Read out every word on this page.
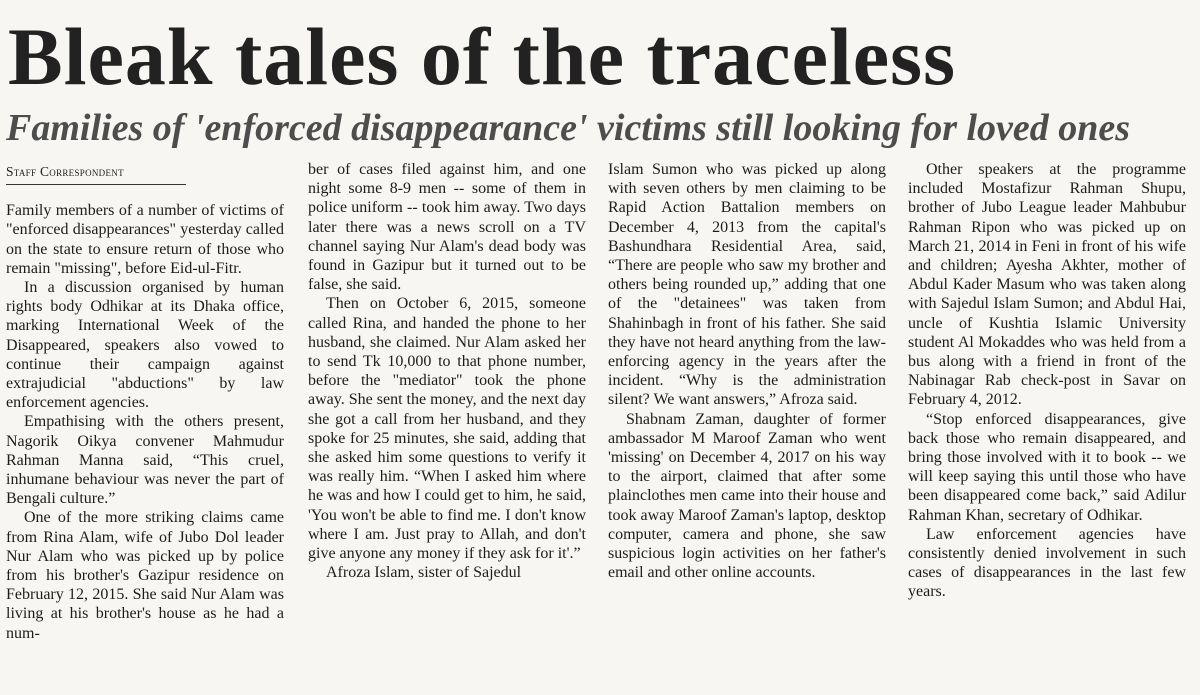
Bleak tales of the traceless
Families of 'enforced disappearance' victims still looking for loved ones
Staff Correspondent

Family members of a number of victims of "enforced disappearances" yesterday called on the state to ensure return of those who remain "missing", before Eid-ul-Fitr.

In a discussion organised by human rights body Odhikar at its Dhaka office, marking International Week of the Disappeared, speakers also vowed to continue their campaign against extrajudicial "abductions" by law enforcement agencies.

Empathising with the others present, Nagorik Oikya convener Mahmudur Rahman Manna said, “This cruel, inhumane behaviour was never the part of Bengali culture.”

One of the more striking claims came from Rina Alam, wife of Jubo Dol leader Nur Alam who was picked up by police from his brother's Gazipur residence on February 12, 2015. She said Nur Alam was living at his brother's house as he had a num-

ber of cases filed against him, and one night some 8-9 men -- some of them in police uniform -- took him away. Two days later there was a news scroll on a TV channel saying Nur Alam's dead body was found in Gazipur but it turned out to be false, she said.

Then on October 6, 2015, someone called Rina, and handed the phone to her husband, she claimed. Nur Alam asked her to send Tk 10,000 to that phone number, before the "mediator" took the phone away. She sent the money, and the next day she got a call from her husband, and they spoke for 25 minutes, she said, adding that she asked him some questions to verify it was really him. “When I asked him where he was and how I could get to him, he said, 'You won't be able to find me. I don't know where I am. Just pray to Allah, and don't give anyone any money if they ask for it'.”

Afroza Islam, sister of Sajedul

Islam Sumon who was picked up along with seven others by men claiming to be Rapid Action Battalion members on December 4, 2013 from the capital's Bashundhara Residential Area, said, “There are people who saw my brother and others being rounded up,” adding that one of the "detainees" was taken from Shahinbagh in front of his father. She said they have not heard anything from the law-enforcing agency in the years after the incident. “Why is the administration silent? We want answers,” Afroza said.

Shabnam Zaman, daughter of former ambassador M Maroof Zaman who went 'missing' on December 4, 2017 on his way to the airport, claimed that after some plainclothes men came into their house and took away Maroof Zaman's laptop, desktop computer, camera and phone, she saw suspicious login activities on her father's email and other online accounts.

Other speakers at the programme included Mostafizur Rahman Shupu, brother of Jubo League leader Mahbubur Rahman Ripon who was picked up on March 21, 2014 in Feni in front of his wife and children; Ayesha Akhter, mother of Abdul Kader Masum who was taken along with Sajedul Islam Sumon; and Abdul Hai, uncle of Kushtia Islamic University student Al Mokaddes who was held from a bus along with a friend in front of the Nabinagar Rab check-post in Savar on February 4, 2012.

“Stop enforced disappearances, give back those who remain disappeared, and bring those involved with it to book -- we will keep saying this until those who have been disappeared come back,” said Adilur Rahman Khan, secretary of Odhikar.

Law enforcement agencies have consistently denied involvement in such cases of disappearances in the last few years.
